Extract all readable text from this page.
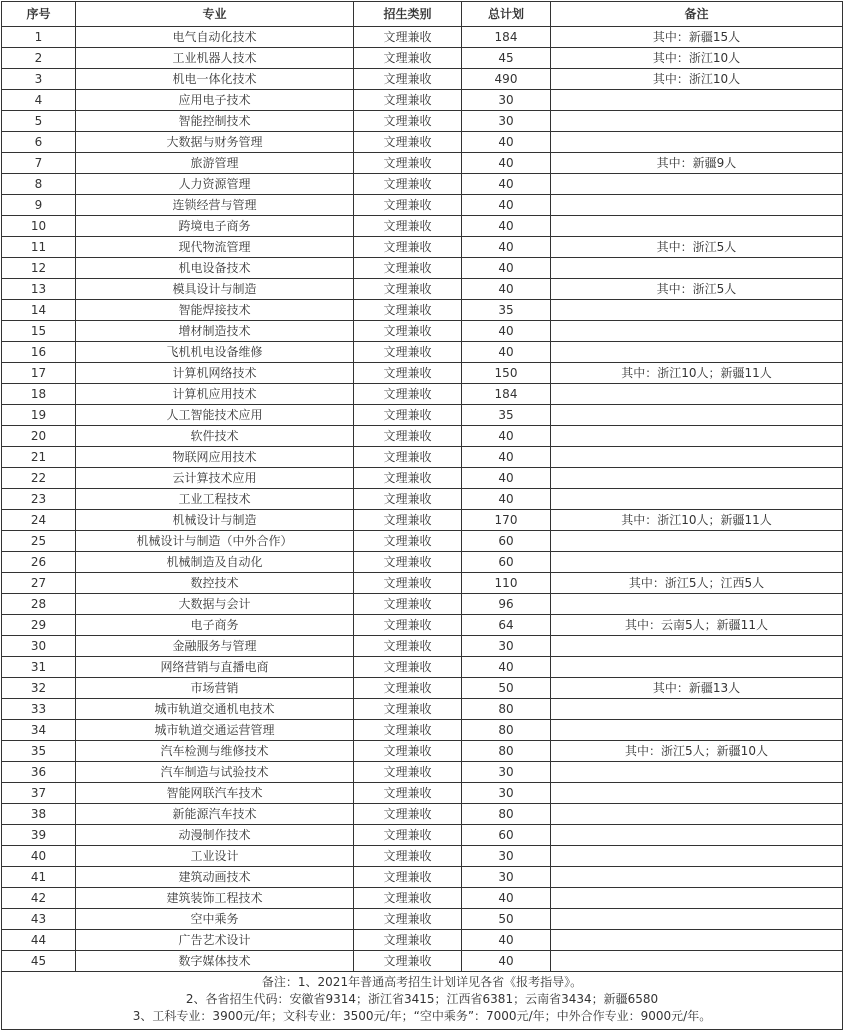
序号	专业	招生类别	总计划	备注
1	电气自动化技术	文理兼收	184	其中：新疆15人
2	工业机器人技术	文理兼收	45	其中：浙江10人
3	机电一体化技术	文理兼收	490	其中：浙江10人
4	应用电子技术	文理兼收	30	
5	智能控制技术	文理兼收	30	
6	大数据与财务管理	文理兼收	40	
7	旅游管理	文理兼收	40	其中：新疆9人
8	人力资源管理	文理兼收	40	
9	连锁经营与管理	文理兼收	40	
10	跨境电子商务	文理兼收	40	
11	现代物流管理	文理兼收	40	其中：浙江5人
12	机电设备技术	文理兼收	40	
13	模具设计与制造	文理兼收	40	其中：浙江5人
14	智能焊接技术	文理兼收	35	
15	增材制造技术	文理兼收	40	
16	飞机机电设备维修	文理兼收	40	
17	计算机网络技术	文理兼收	150	其中：浙江10人；新疆11人
18	计算机应用技术	文理兼收	184	
19	人工智能技术应用	文理兼收	35	
20	软件技术	文理兼收	40	
21	物联网应用技术	文理兼收	40	
22	云计算技术应用	文理兼收	40	
23	工业工程技术	文理兼收	40	
24	机械设计与制造	文理兼收	170	其中：浙江10人；新疆11人
25	机械设计与制造（中外合作）	文理兼收	60	
26	机械制造及自动化	文理兼收	60	
27	数控技术	文理兼收	110	其中：浙江5人；江西5人
28	大数据与会计	文理兼收	96	
29	电子商务	文理兼收	64	其中：云南5人；新疆11人
30	金融服务与管理	文理兼收	30	
31	网络营销与直播电商	文理兼收	40	
32	市场营销	文理兼收	50	其中：新疆13人
33	城市轨道交通机电技术	文理兼收	80	
34	城市轨道交通运营管理	文理兼收	80	
35	汽车检测与维修技术	文理兼收	80	其中：浙江5人；新疆10人
36	汽车制造与试验技术	文理兼收	30	
37	智能网联汽车技术	文理兼收	30	
38	新能源汽车技术	文理兼收	80	
39	动漫制作技术	文理兼收	60	
40	工业设计	文理兼收	30	
41	建筑动画技术	文理兼收	30	
42	建筑装饰工程技术	文理兼收	40	
43	空中乘务	文理兼收	50	
44	广告艺术设计	文理兼收	40	
45	数字媒体技术	文理兼收	40	

备注：1、2021年普通高考招生计划详见各省《报考指导》。
2、各省招生代码：安徽省9314；浙江省3415；江西省6381；云南省3434；新疆6580
3、工科专业：3900元/年；文科专业：3500元/年；“空中乘务”：7000元/年；中外合作专业：9000元/年。				
